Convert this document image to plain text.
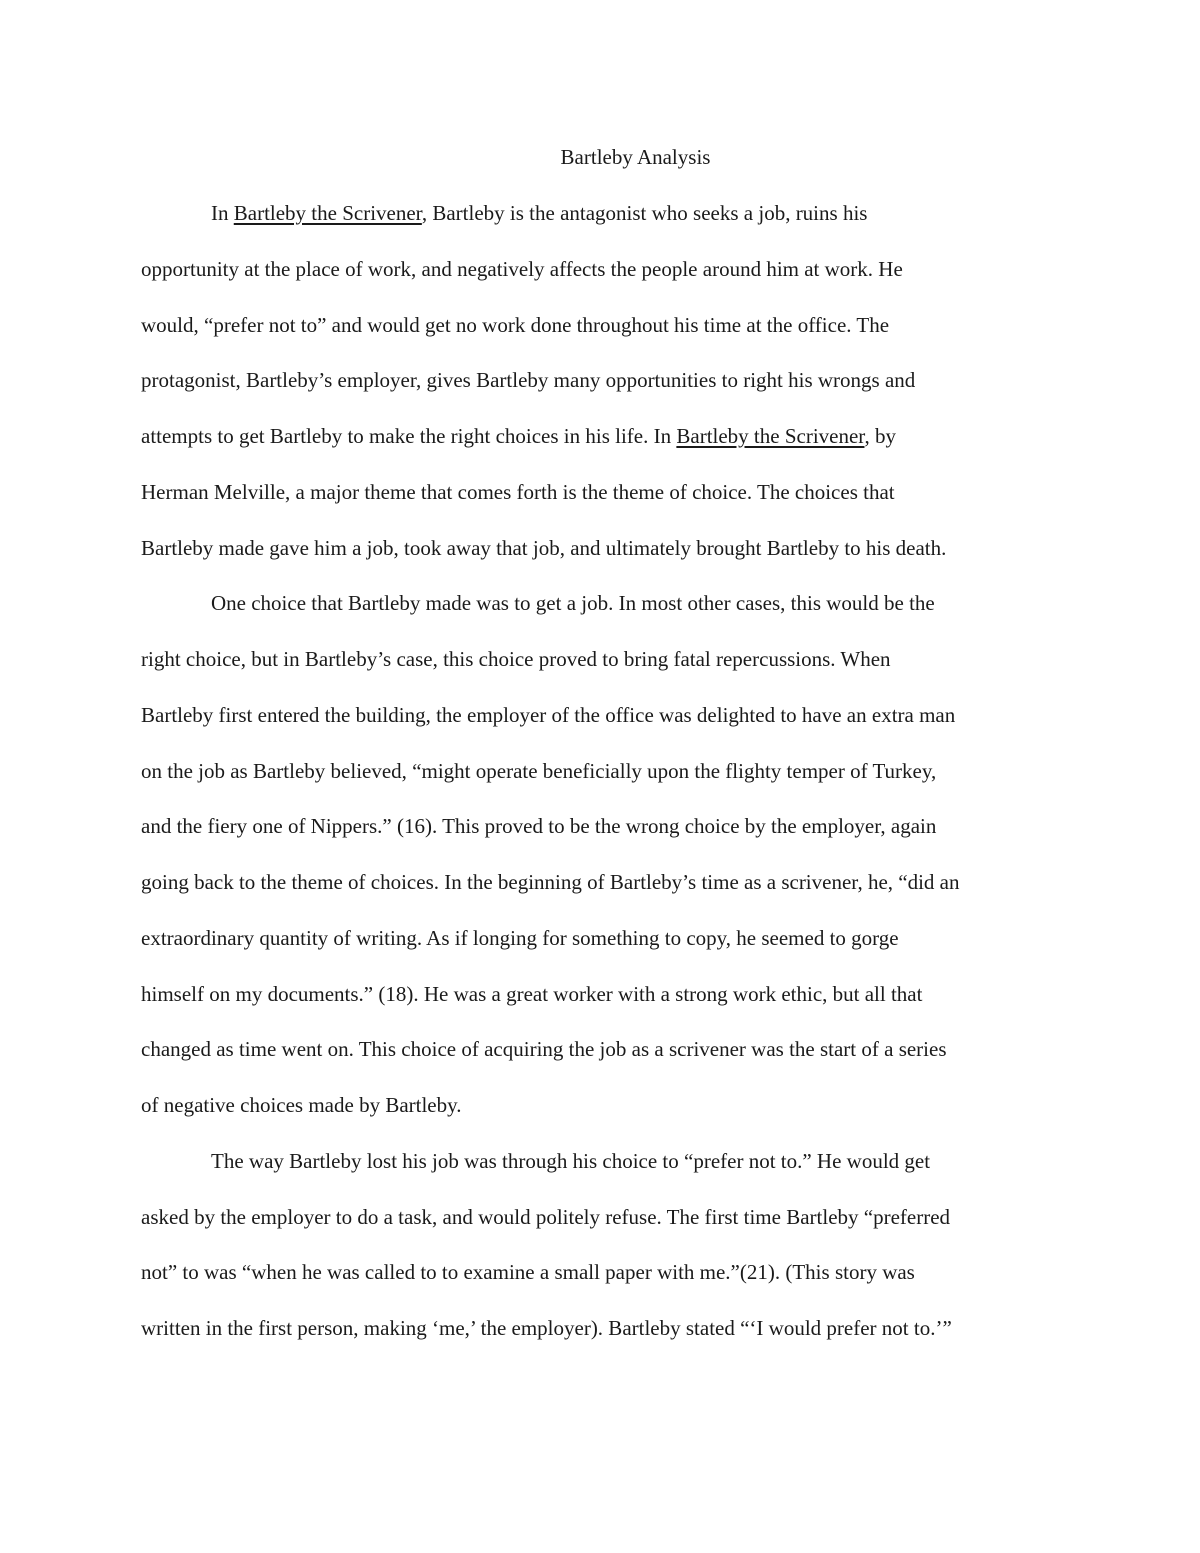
Bartleby Analysis
In Bartleby the Scrivener, Bartleby is the antagonist who seeks a job, ruins his
opportunity at the place of work, and negatively affects the people around him at work. He
would, “prefer not to” and would get no work done throughout his time at the office. The
protagonist, Bartleby’s employer, gives Bartleby many opportunities to right his wrongs and
attempts to get Bartleby to make the right choices in his life. In Bartleby the Scrivener, by
Herman Melville, a major theme that comes forth is the theme of choice. The choices that
Bartleby made gave him a job, took away that job, and ultimately brought Bartleby to his death.
One choice that Bartleby made was to get a job. In most other cases, this would be the
right choice, but in Bartleby’s case, this choice proved to bring fatal repercussions. When
Bartleby first entered the building, the employer of the office was delighted to have an extra man
on the job as Bartleby believed, “might operate beneficially upon the flighty temper of Turkey,
and the fiery one of Nippers.” (16). This proved to be the wrong choice by the employer, again
going back to the theme of choices. In the beginning of Bartleby’s time as a scrivener, he, “did an
extraordinary quantity of writing. As if longing for something to copy, he seemed to gorge
himself on my documents.” (18). He was a great worker with a strong work ethic, but all that
changed as time went on. This choice of acquiring the job as a scrivener was the start of a series
of negative choices made by Bartleby.
The way Bartleby lost his job was through his choice to “prefer not to.” He would get
asked by the employer to do a task, and would politely refuse. The first time Bartleby “preferred
not” to was “when he was called to to examine a small paper with me.”(21). (This story was
written in the first person, making ‘me,’ the employer). Bartleby stated “‘I would prefer not to.’”
